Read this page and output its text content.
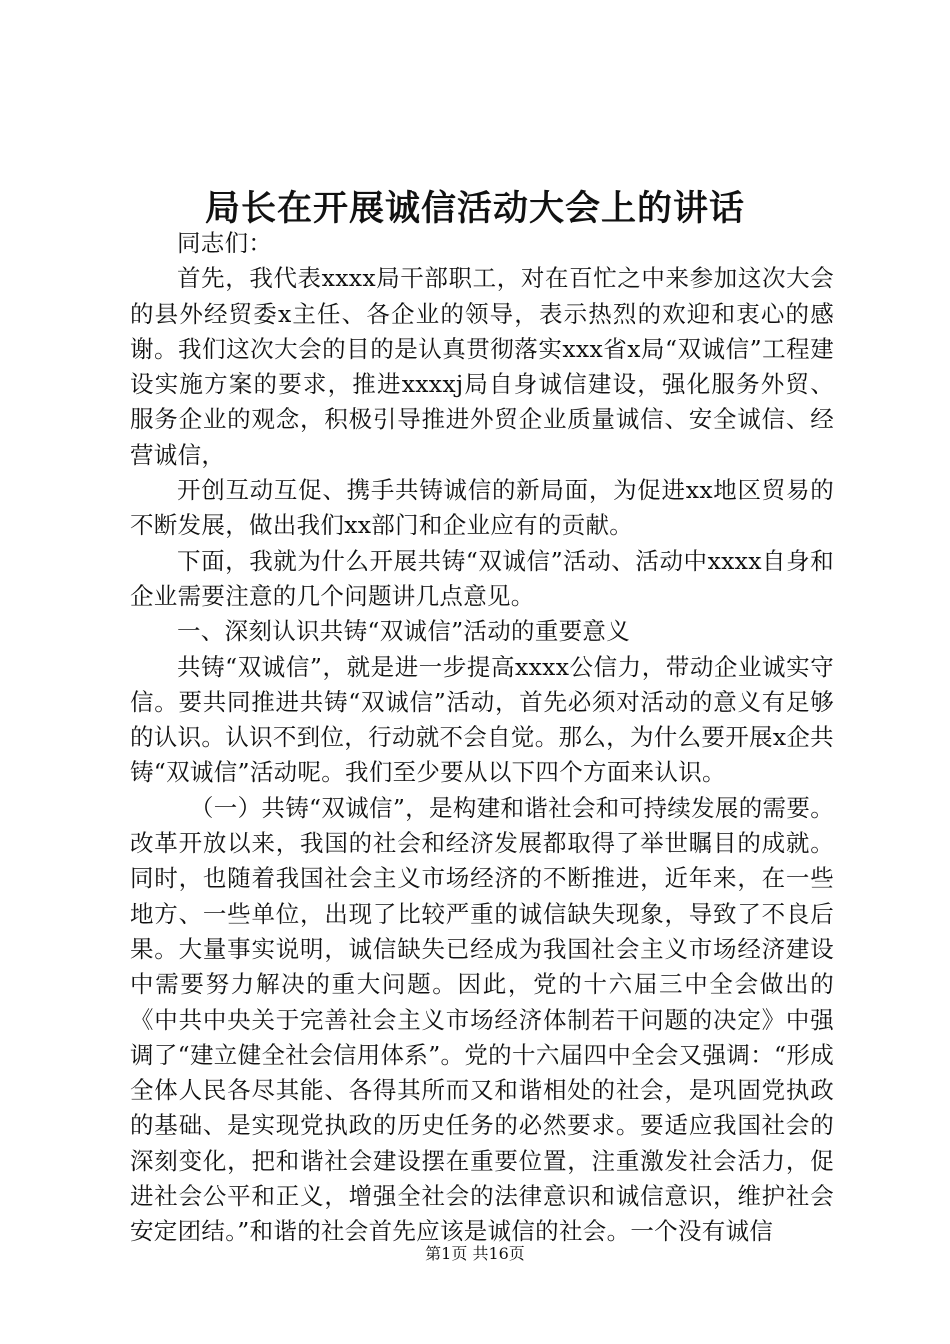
局长在开展诚信活动大会上的讲话

同志们：

首先，我代表xxxx局干部职工，对在百忙之中来参加这次大会的县外经贸委x主任、各企业的领导，表示热烈的欢迎和衷心的感谢。我们这次大会的目的是认真贯彻落实xxx省x局“双诚信”工程建设实施方案的要求，推进xxxxj局自身诚信建设，强化服务外贸、服务企业的观念，积极引导推进外贸企业质量诚信、安全诚信、经营诚信，

开创互动互促、携手共铸诚信的新局面，为促进xx地区贸易的不断发展，做出我们xx部门和企业应有的贡献。

下面，我就为什么开展共铸“双诚信”活动、活动中xxxx自身和企业需要注意的几个问题讲几点意见。

一、深刻认识共铸“双诚信”活动的重要意义

共铸“双诚信”，就是进一步提高xxxx公信力，带动企业诚实守信。要共同推进共铸“双诚信”活动，首先必须对活动的意义有足够的认识。认识不到位，行动就不会自觉。那么，为什么要开展x企共铸“双诚信”活动呢。我们至少要从以下四个方面来认识。

（一）共铸“双诚信”，是构建和谐社会和可持续发展的需要。改革开放以来，我国的社会和经济发展都取得了举世瞩目的成就。同时，也随着我国社会主义市场经济的不断推进，近年来，在一些地方、一些单位，出现了比较严重的诚信缺失现象，导致了不良后果。大量事实说明，诚信缺失已经成为我国社会主义市场经济建设中需要努力解决的重大问题。因此，党的十六届三中全会做出的《中共中央关于完善社会主义市场经济体制若干问题的决定》中强调了“建立健全社会信用体系”。党的十六届四中全会又强调：“形成全体人民各尽其能、各得其所而又和谐相处的社会，是巩固党执政的基础、是实现党执政的历史任务的必然要求。要适应我国社会的深刻变化，把和谐社会建设摆在重要位置，注重激发社会活力，促进社会公平和正义，增强全社会的法律意识和诚信意识，维护社会安定团结。”和谐的社会首先应该是诚信的社会。一个没有诚信

第1页 共16页
